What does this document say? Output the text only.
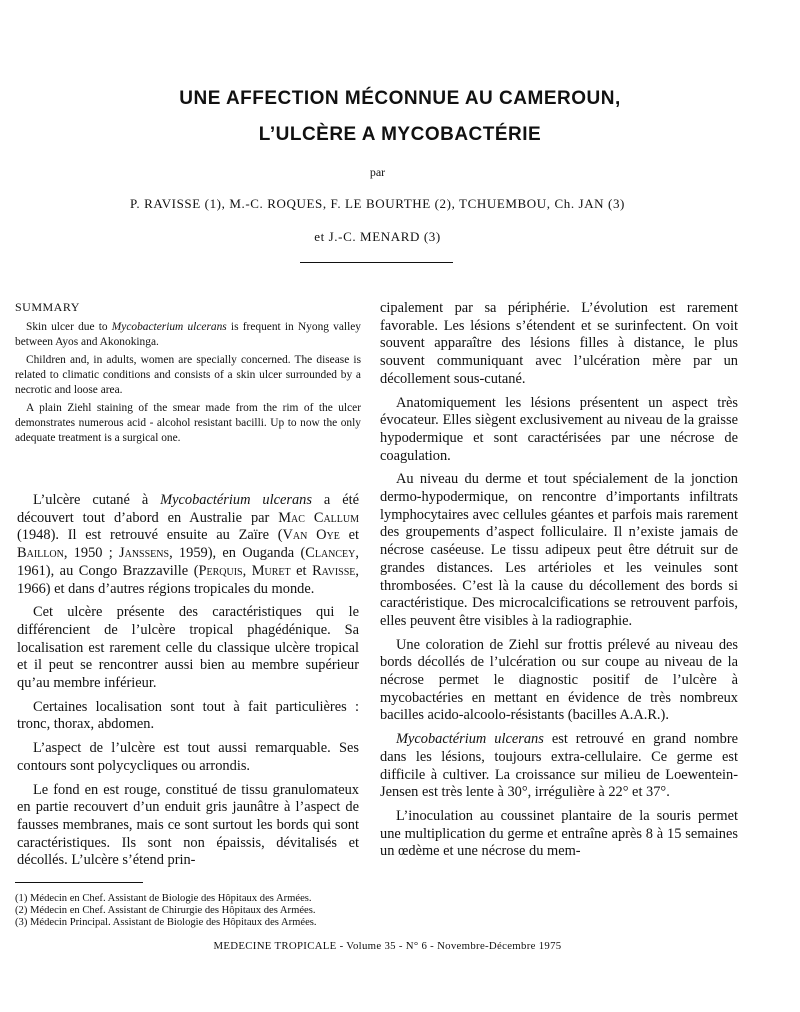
UNE AFFECTION MÉCONNUE AU CAMEROUN,
L’ULCÈRE A MYCOBACTÉRIE
par
P. RAVISSE (1), M.-C. ROQUES, F. LE BOURTHE (2), TCHUEMBOU, Ch. JAN (3)
et J.-C. MENARD (3)
SUMMARY

Skin ulcer due to Mycobacterium ulcerans is frequent in Nyong valley between Ayos and Akonokinga.

Children and, in adults, women are specially concerned. The disease is related to climatic conditions and consists of a skin ulcer surrounded by a necrotic and loose area.

A plain Ziehl staining of the smear made from the rim of the ulcer demonstrates numerous acid - alcohol resistant bacilli. Up to now the only adequate treatment is a surgical one.

L’ulcère cutané à Mycobactérium ulcerans a été découvert tout d’abord en Australie par Mac Callum (1948). Il est retrouvé ensuite au Zaïre (Van Oye et Baillon, 1950 ; Janssens, 1959), en Ouganda (Clancey, 1961), au Congo Brazzaville (Perquis, Muret et Ravisse, 1966) et dans d’autres régions tropicales du monde.

Cet ulcère présente des caractéristiques qui le différencient de l’ulcère tropical phagédénique. Sa localisation est rarement celle du classique ulcère tropical et il peut se rencontrer aussi bien au membre supérieur qu’au membre inférieur.

Certaines localisation sont tout à fait particulières : tronc, thorax, abdomen.

L’aspect de l’ulcère est tout aussi remarquable. Ses contours sont polycycliques ou arrondis.

Le fond en est rouge, constitué de tissu granulomateux en partie recouvert d’un enduit gris jaunâtre à l’aspect de fausses membranes, mais ce sont surtout les bords qui sont caractéristiques. Ils sont non épaissis, dévitalisés et décollés. L’ulcère s’étend prin-

cipalement par sa périphérie. L’évolution est rarement favorable. Les lésions s’étendent et se surinfectent. On voit souvent apparaître des lésions filles à distance, le plus souvent communiquant avec l’ulcération mère par un décollement sous-cutané.

Anatomiquement les lésions présentent un aspect très évocateur. Elles siègent exclusivement au niveau de la graisse hypodermique et sont caractérisées par une nécrose de coagulation.

Au niveau du derme et tout spécialement de la jonction dermo-hypodermique, on rencontre d’importants infiltrats lymphocytaires avec cellules géantes et parfois mais rarement des groupements d’aspect folliculaire. Il n’existe jamais de nécrose caséeuse. Le tissu adipeux peut être détruit sur de grandes distances. Les artérioles et les veinules sont thrombosées. C’est là la cause du décollement des bords si caractéristique. Des microcalcifications se retrouvent parfois, elles peuvent être visibles à la radiographie.

Une coloration de Ziehl sur frottis prélevé au niveau des bords décollés de l’ulcération ou sur coupe au niveau de la nécrose permet le diagnostic positif de l’ulcère à mycobactéries en mettant en évidence de très nombreux bacilles acido-alcoolo-résistants (bacilles A.A.R.).

Mycobactérium ulcerans est retrouvé en grand nombre dans les lésions, toujours extra-cellulaire. Ce germe est difficile à cultiver. La croissance sur milieu de Loewentein-Jensen est très lente à 30°, irrégulière à 22° et 37°.

L’inoculation au coussinet plantaire de la souris permet une multiplication du germe et entraîne après 8 à 15 semaines un œdème et une nécrose du mem-

(1) Médecin en Chef. Assistant de Biologie des Hôpitaux des Armées.
(2) Médecin en Chef. Assistant de Chirurgie des Hôpitaux des Armées.
(3) Médecin Principal. Assistant de Biologie des Hôpitaux des Armées.
MEDECINE TROPICALE - Volume 35 - N° 6 - Novembre-Décembre 1975
